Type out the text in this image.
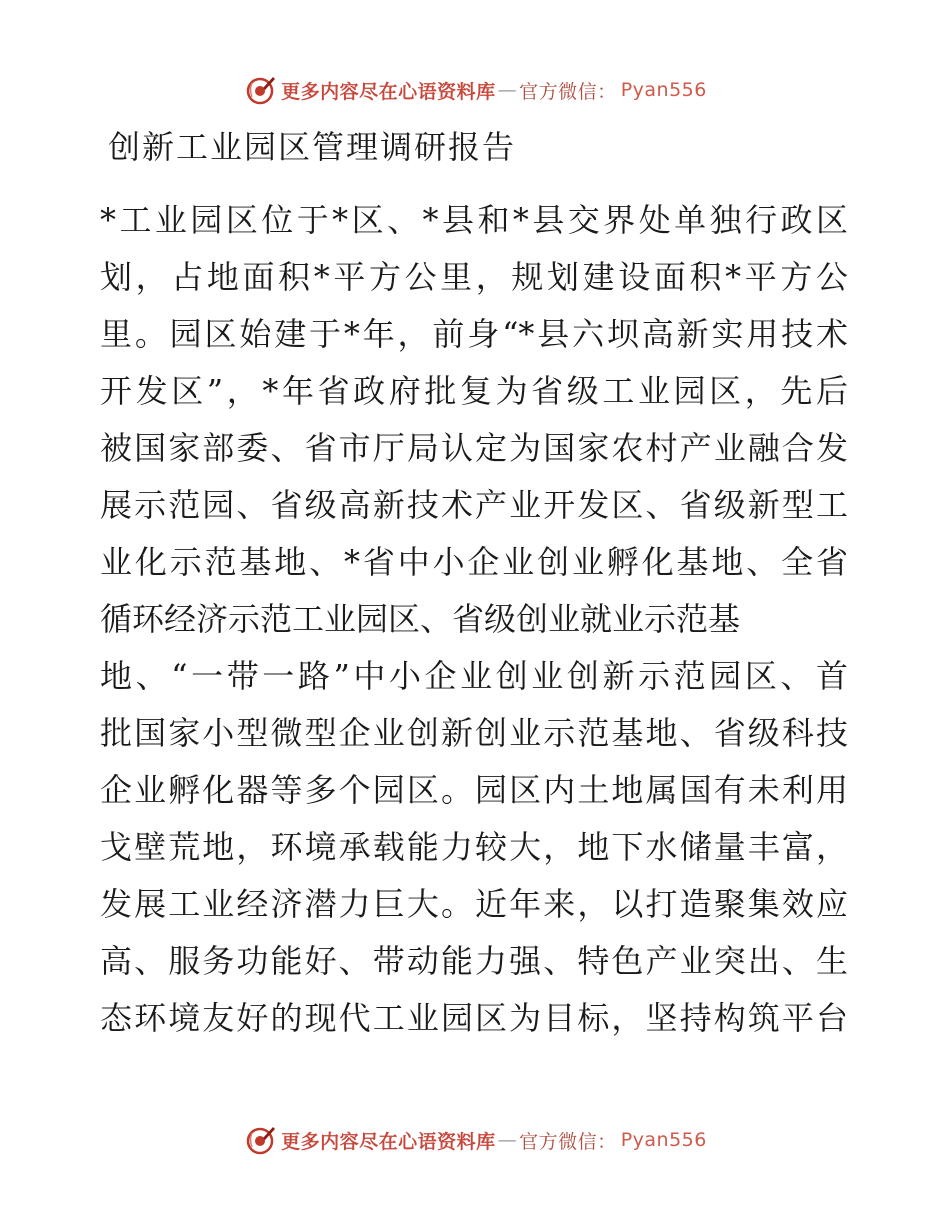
更多内容尽在心语资料库 — 官方微信： Pyan556
创新工业园区管理调研报告
*工业园区位于*区、*县和*县交界处单独行政区
划，占地面积*平方公里，规划建设面积*平方公
里。园区始建于*年，前身“*县六坝高新实用技术
开发区”，*年省政府批复为省级工业园区，先后
被国家部委、省市厅局认定为国家农村产业融合发
展示范园、省级高新技术产业开发区、省级新型工
业化示范基地、*省中小企业创业孵化基地、全省
循环经济示范工业园区、省级创业就业示范基
地、“一带一路”中小企业创业创新示范园区、首
批国家小型微型企业创新创业示范基地、省级科技
企业孵化器等多个园区。园区内土地属国有未利用
戈壁荒地，环境承载能力较大，地下水储量丰富，
发展工业经济潜力巨大。近年来，以打造聚集效应
高、服务功能好、带动能力强、特色产业突出、生
态环境友好的现代工业园区为目标，坚持构筑平台
更多内容尽在心语资料库 — 官方微信： Pyan556
